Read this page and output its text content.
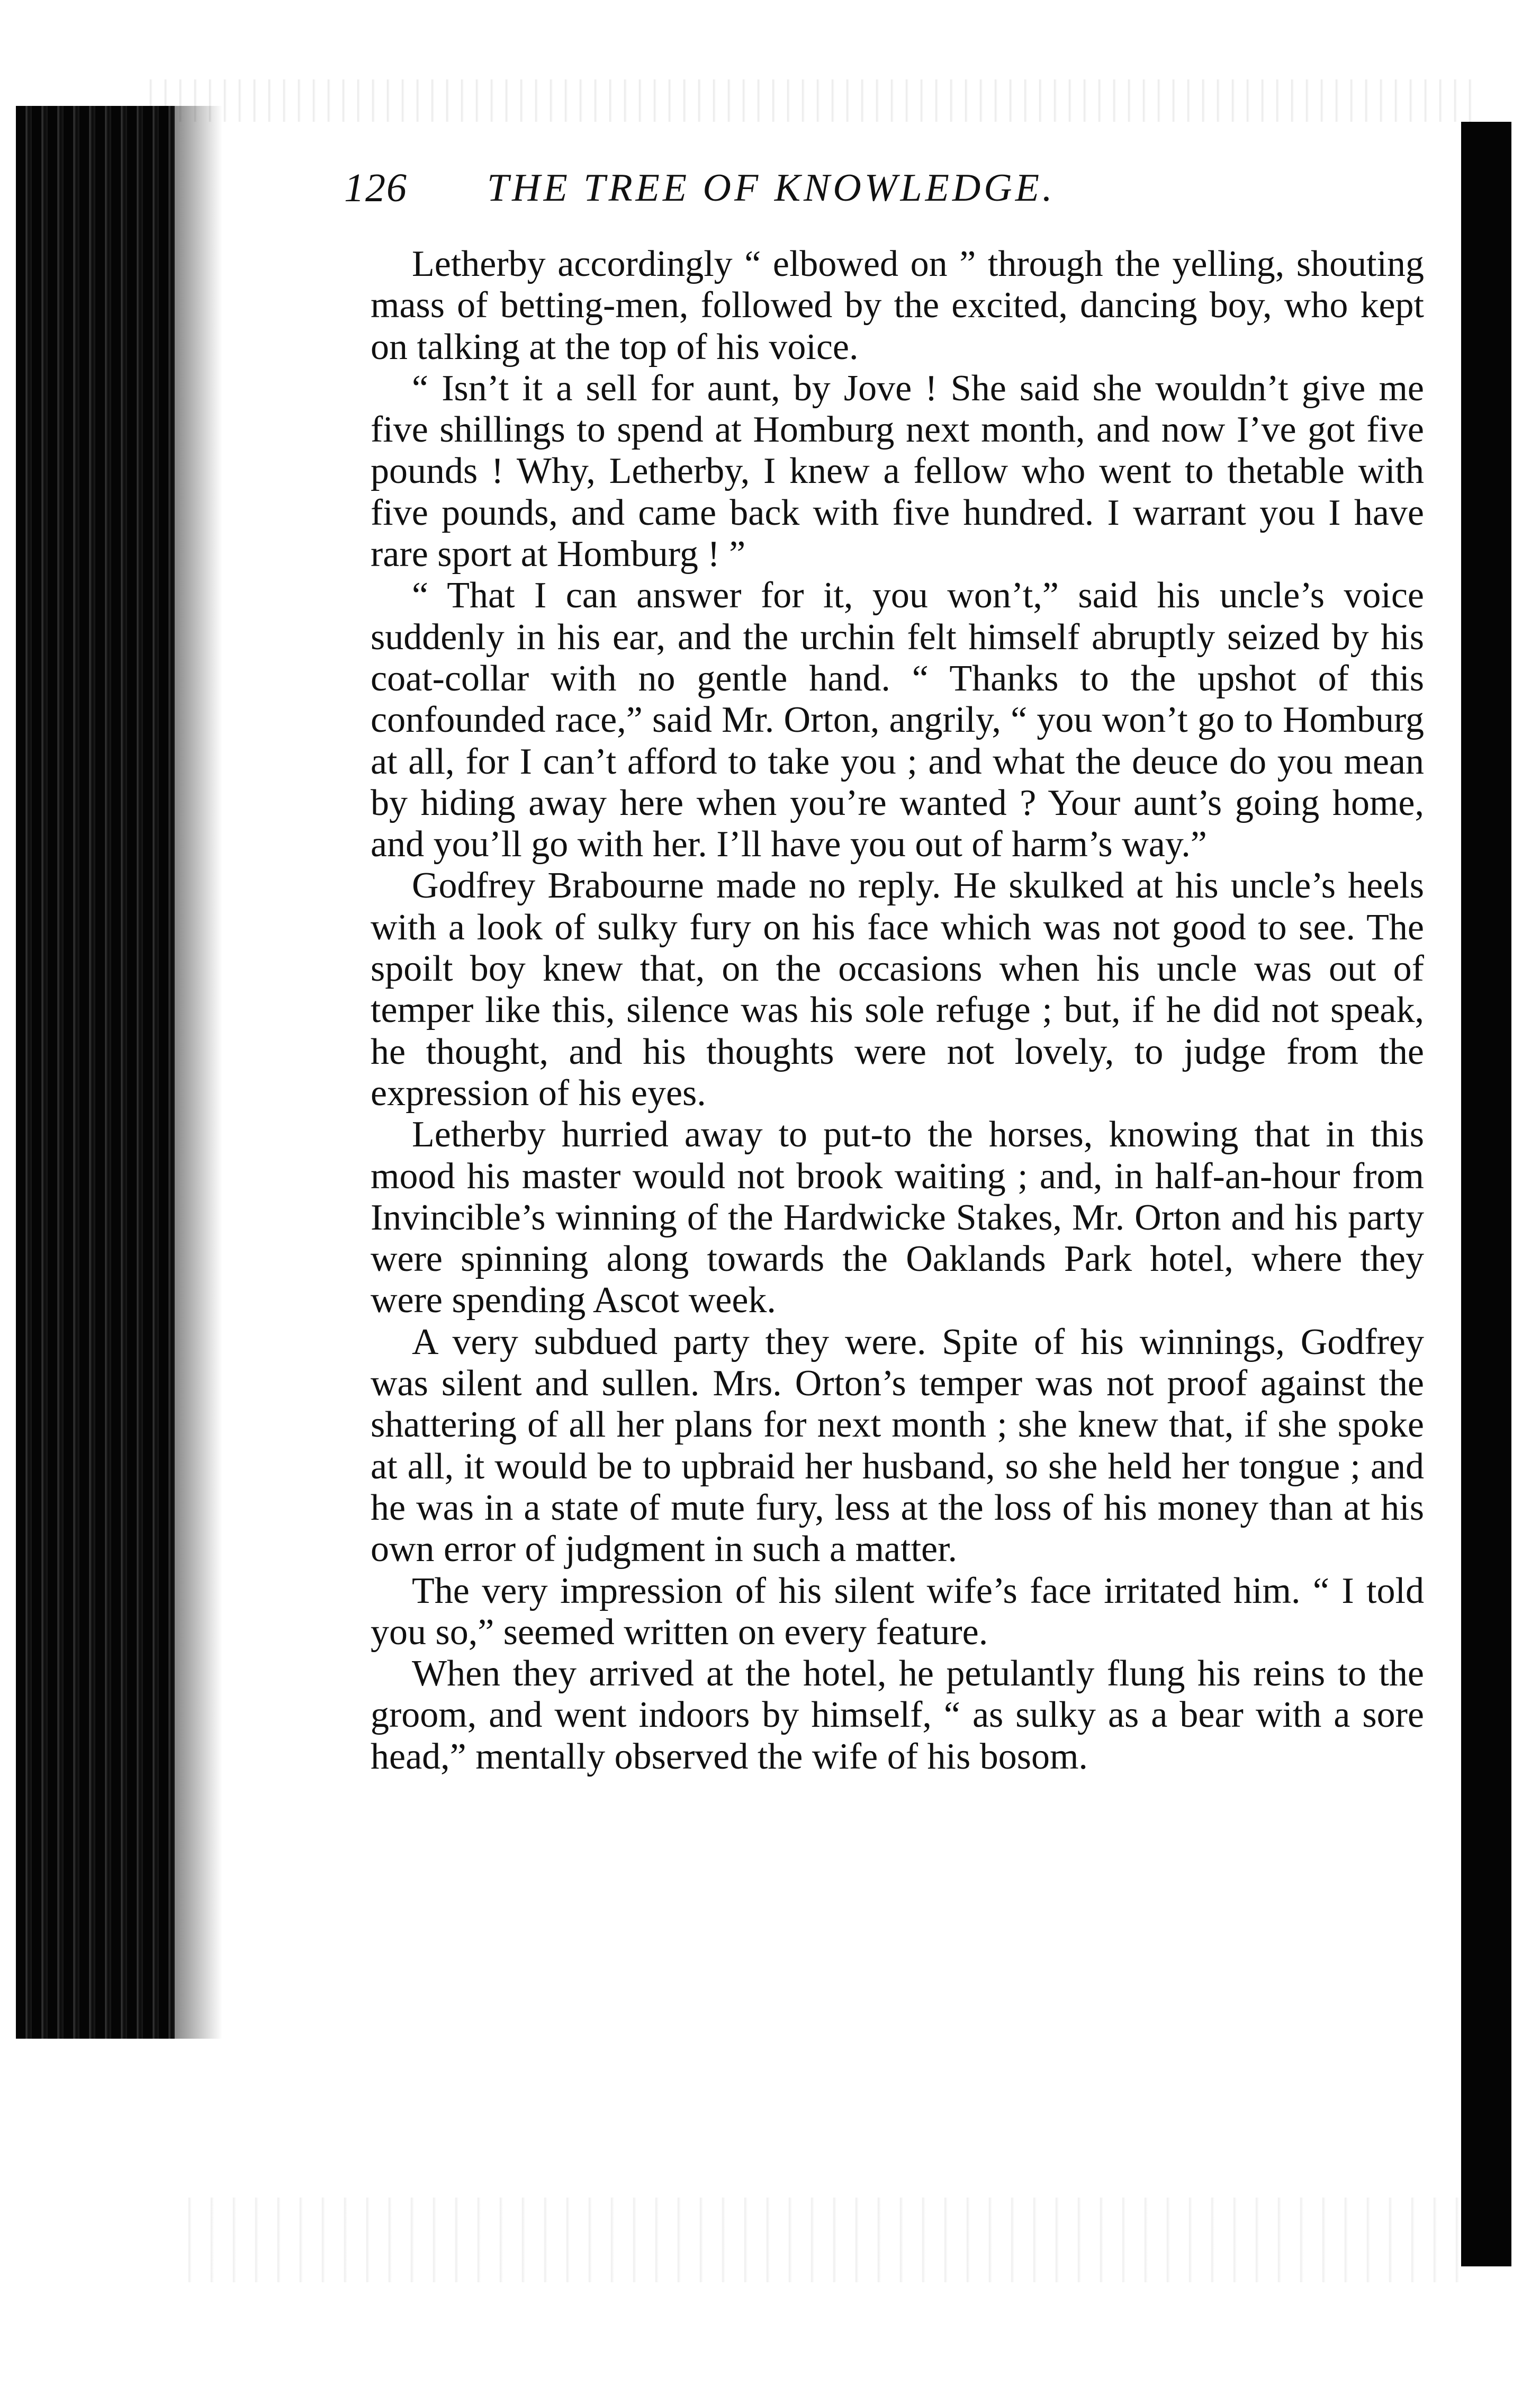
126 THE TREE OF KNOWLEDGE.

Letherby accordingly “ elbowed on ” through the yelling, shouting mass of betting-men, followed by the excited, dancing boy, who kept on talking at the top of his voice.

“ Isn’t it a sell for aunt, by Jove ! She said she wouldn’t give me five shillings to spend at Homburg next month, and now I’ve got five pounds ! Why, Letherby, I knew a fellow who went to thetable with five pounds, and came back with five hundred. I warrant you I have rare sport at Homburg ! ”

“ That I can answer for it, you won’t,” said his uncle’s voice suddenly in his ear, and the urchin felt himself abruptly seized by his coat-collar with no gentle hand. “ Thanks to the upshot of this confounded race,” said Mr. Orton, angrily, “ you won’t go to Homburg at all, for I can’t afford to take you ; and what the deuce do you mean by hiding away here when you’re wanted ? Your aunt’s going home, and you’ll go with her. I’ll have you out of harm’s way.”

Godfrey Brabourne made no reply. He skulked at his uncle’s heels with a look of sulky fury on his face which was not good to see. The spoilt boy knew that, on the occasions when his uncle was out of temper like this, silence was his sole refuge ; but, if he did not speak, he thought, and his thoughts were not lovely, to judge from the expression of his eyes.

Letherby hurried away to put-to the horses, knowing that in this mood his master would not brook waiting ; and, in half-an-hour from Invincible’s winning of the Hardwicke Stakes, Mr. Orton and his party were spinning along towards the Oaklands Park hotel, where they were spending Ascot week.

A very subdued party they were. Spite of his winnings, Godfrey was silent and sullen. Mrs. Orton’s temper was not proof against the shattering of all her plans for next month ; she knew that, if she spoke at all, it would be to upbraid her husband, so she held her tongue ; and he was in a state of mute fury, less at the loss of his money than at his own error of judgment in such a matter.

The very impression of his silent wife’s face irritated him. “ I told you so,” seemed written on every feature.

When they arrived at the hotel, he petulantly flung his reins to the groom, and went indoors by himself, “ as sulky as a bear with a sore head,” mentally observed the wife of his bosom.
